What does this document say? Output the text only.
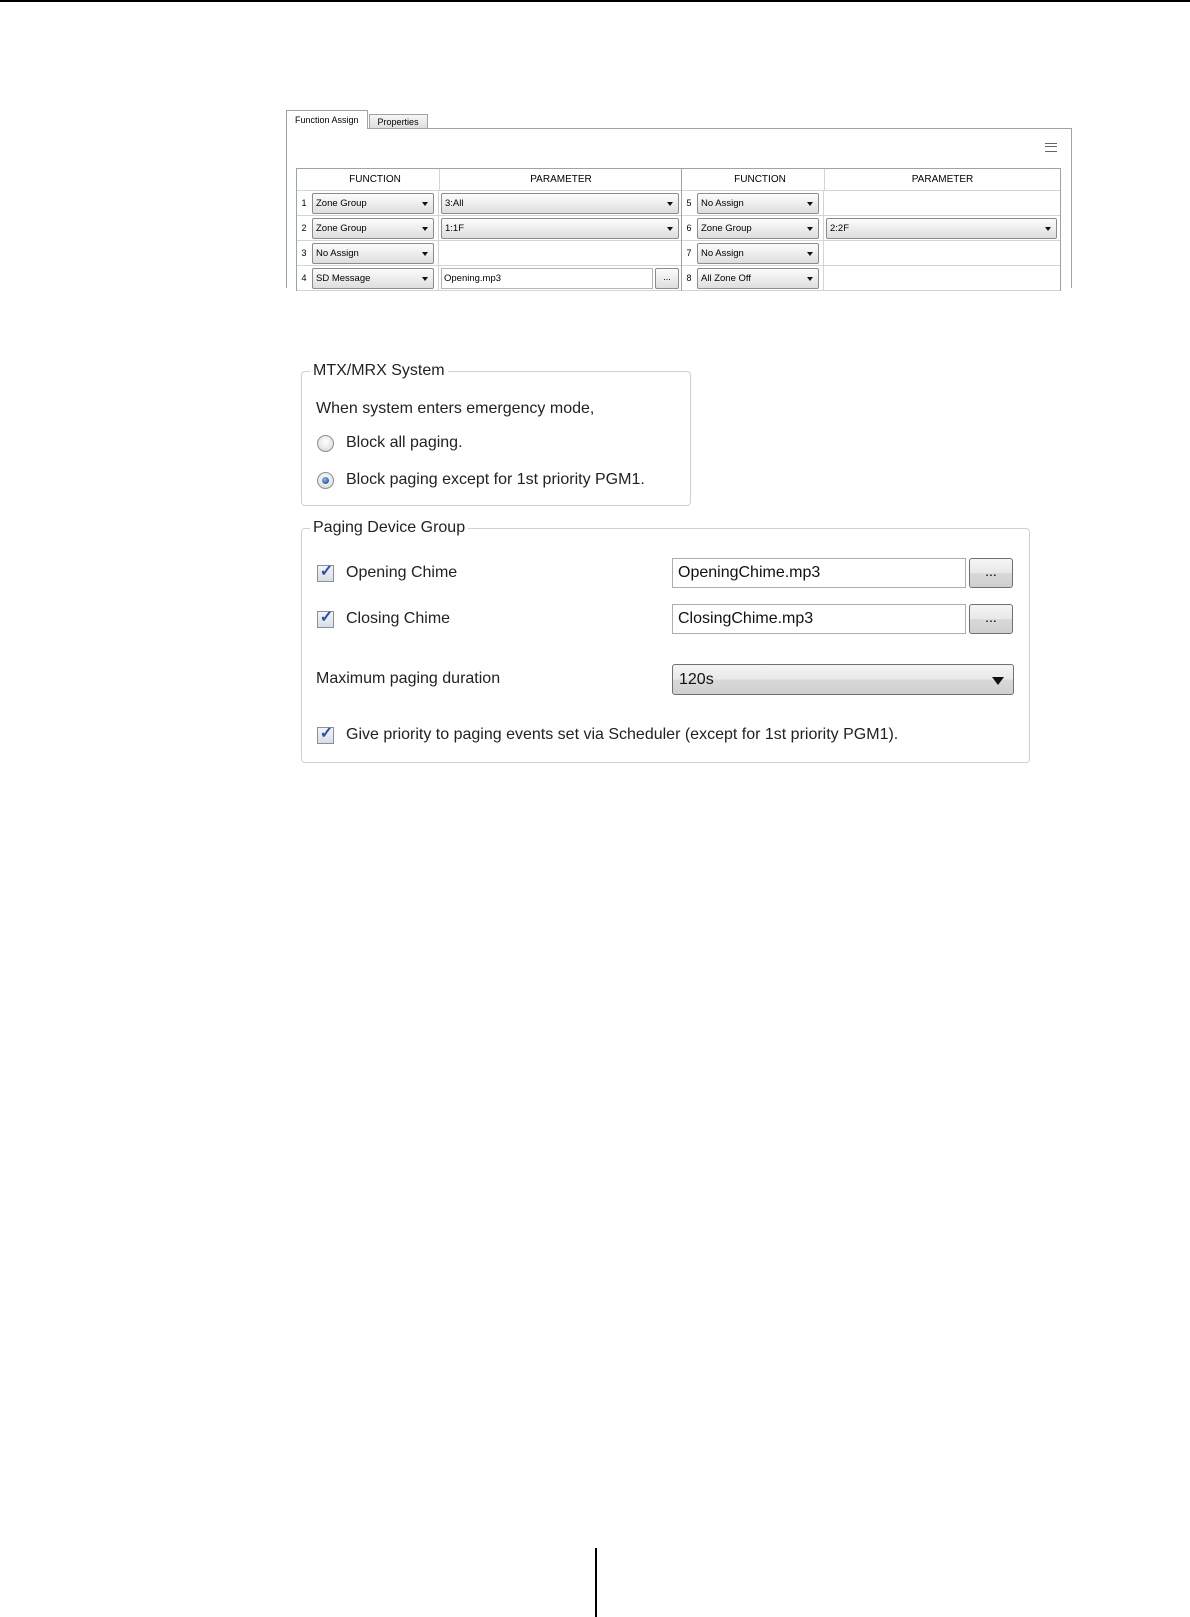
Function Assign	Properties
FUNCTION	PARAMETER
1	Zone Group	3:All
2	Zone Group	1:1F
3	No Assign
4	SD Message	Opening.mp3	...
FUNCTION	PARAMETER
5	No Assign
6	Zone Group	2:2F
7	No Assign
8	All Zone Off
MTX/MRX System
When system enters emergency mode,
Block all paging.
Block paging except for 1st priority PGM1.
Paging Device Group
✓ Opening Chime	OpeningChime.mp3	...
✓ Closing Chime	ClosingChime.mp3	...
Maximum paging duration	120s
✓ Give priority to paging events set via Scheduler (except for 1st priority PGM1).
